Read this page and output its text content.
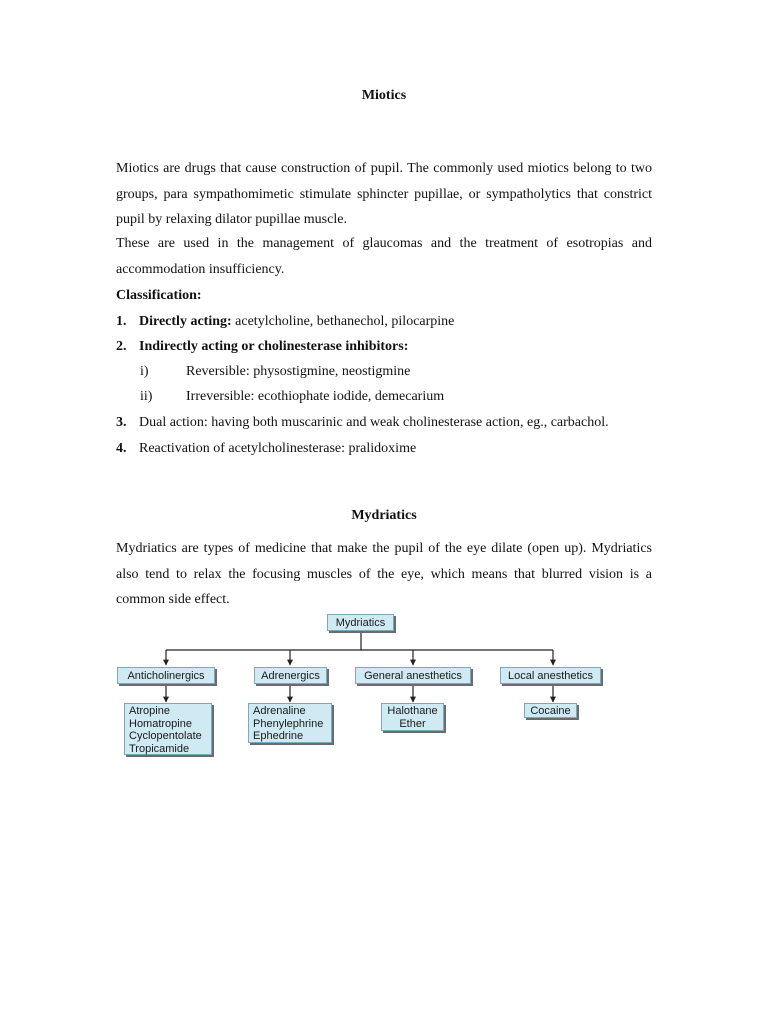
Miotics
Miotics are drugs that cause construction of pupil. The commonly used miotics belong to two groups, para sympathomimetic stimulate sphincter pupillae, or sympatholytics that constrict pupil by relaxing dilator pupillae muscle.
These are used in the management of glaucomas and the treatment of esotropias and accommodation insufficiency.
Classification:
1. Directly acting: acetylcholine, bethanechol, pilocarpine
2. Indirectly acting or cholinesterase inhibitors:
i)	Reversible: physostigmine, neostigmine
ii) Irreversible: ecothiophate iodide, demecarium
3. Dual action: having both muscarinic and weak cholinesterase action, eg., carbachol.
4. Reactivation of acetylcholinesterase: pralidoxime
Mydriatics
Mydriatics are types of medicine that make the pupil of the eye dilate (open up). Mydriatics also tend to relax the focusing muscles of the eye, which means that blurred vision is a common side effect.
Mydriatics
Anticholinergics	Adrenergics	General anesthetics	Local anesthetics
Atropine
Homatropine
Cyclopentolate
Tropicamide
Adrenaline
Phenylephrine
Ephedrine
Halothane
Ether
Cocaine
